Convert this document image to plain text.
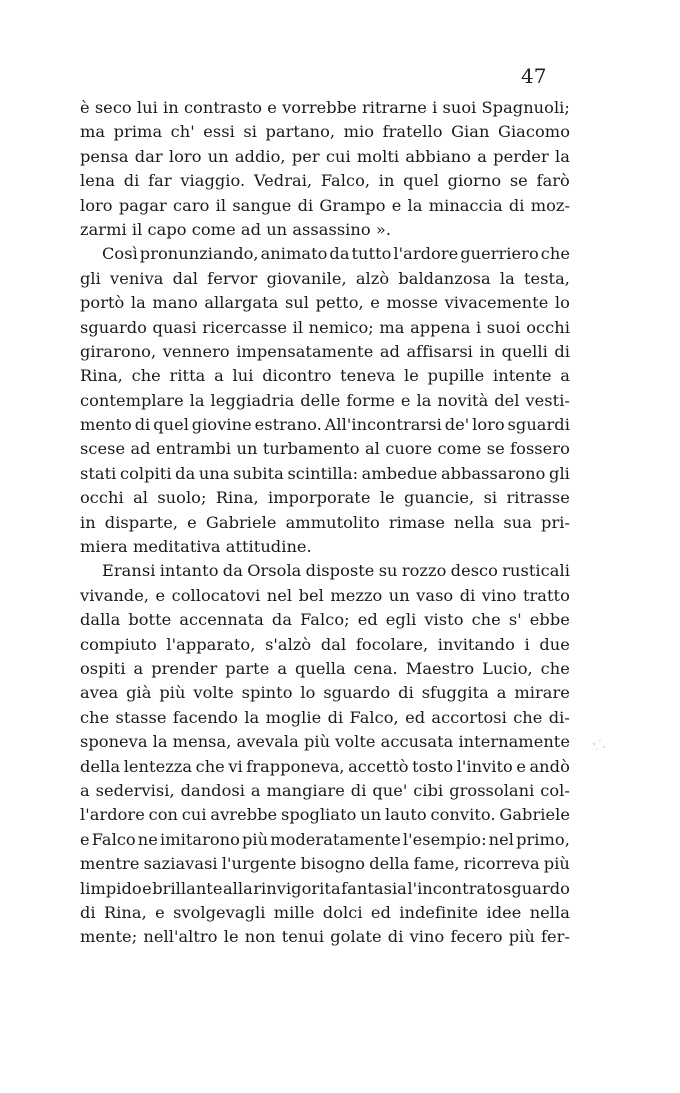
47
è seco lui in contrasto e vorrebbe ritrarne i suoi Spagnuoli;
ma prima ch' essi si partano, mio fratello Gian Giacomo
pensa dar loro un addio, per cui molti abbiano a perder la
lena di far viaggio. Vedrai, Falco, in quel giorno se farò
loro pagar caro il sangue di Grampo e la minaccia di moz-
zarmi il capo come ad un assassino ».
Così pronunziando, animato da tutto l'ardore guerriero che
gli veniva dal fervor giovanile, alzò baldanzosa la testa,
portò la mano allargata sul petto, e mosse vivacemente lo
sguardo quasi ricercasse il nemico; ma appena i suoi occhi
girarono, vennero impensatamente ad affisarsi in quelli di
Rina, che ritta a lui dicontro teneva le pupille intente a
contemplare la leggiadria delle forme e la novità del vesti-
mento di quel giovine estrano. All'incontrarsi de' loro sguardi
scese ad entrambi un turbamento al cuore come se fossero
stati colpiti da una subita scintilla: ambedue abbassarono gli
occhi al suolo; Rina, imporporate le guancie, si ritrasse
in disparte, e Gabriele ammutolito rimase nella sua pri-
miera meditativa attitudine.
Eransi intanto da Orsola disposte su rozzo desco rusticali
vivande, e collocatovi nel bel mezzo un vaso di vino tratto
dalla botte accennata da Falco; ed egli visto che s' ebbe
compiuto l'apparato, s'alzò dal focolare, invitando i due
ospiti a prender parte a quella cena. Maestro Lucio, che
avea già più volte spinto lo sguardo di sfuggita a mirare
che stasse facendo la moglie di Falco, ed accortosi che di-
sponeva la mensa, avevala più volte accusata internamente
della lentezza che vi frapponeva, accettò tosto l'invito e andò
a sedervisi, dandosi a mangiare di que' cibi grossolani col-
l'ardore con cui avrebbe spogliato un lauto convito. Gabriele
e Falco ne imitarono più moderatamente l'esempio: nel primo,
mentre saziavasi l'urgente bisogno della fame, ricorreva più
limpido e brillante alla rinvigorita fantasia l'incontrato sguardo
di Rina, e svolgevagli mille dolci ed indefinite idee nella
mente; nell'altro le non tenui golate di vino fecero più fer-
